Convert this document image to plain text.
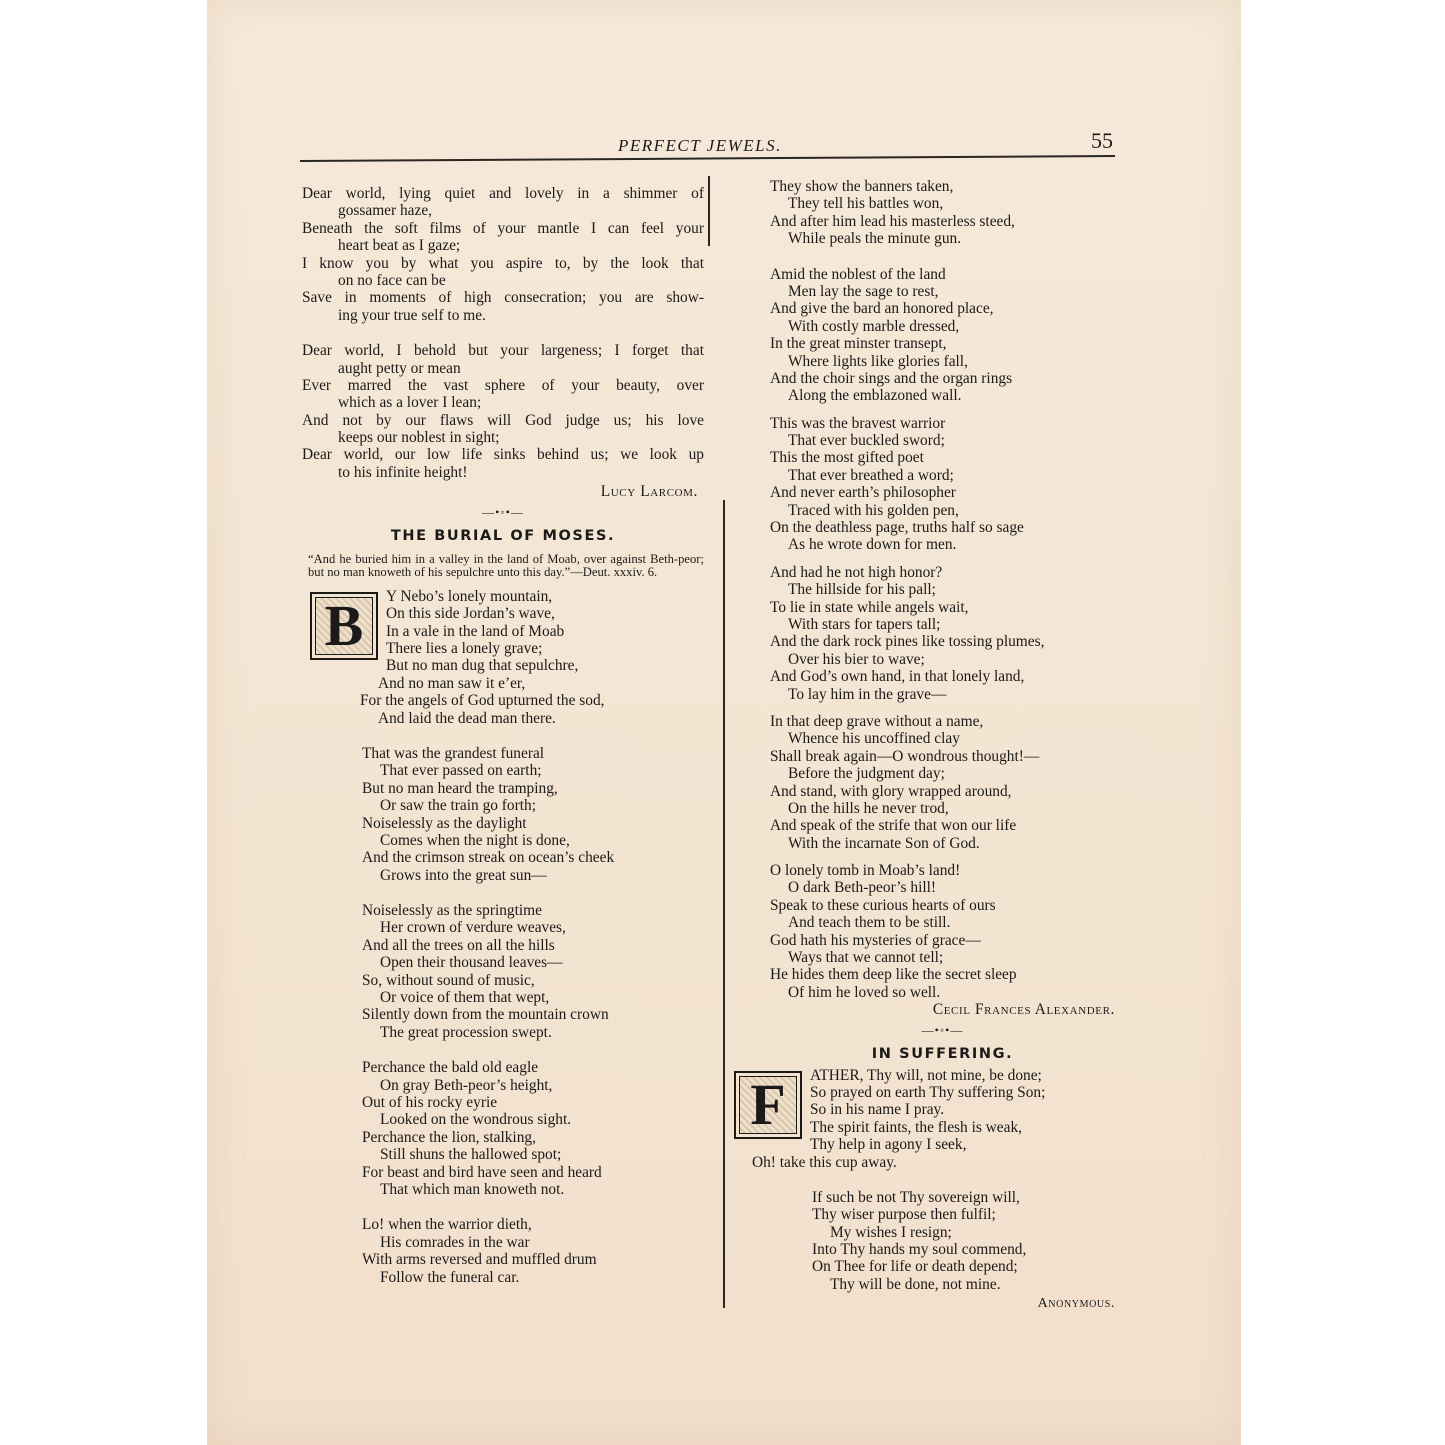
PERFECT JEWELS.	55
Dear world, lying quiet and lovely in a shimmer of
gossamer haze,
Beneath the soft films of your mantle I can feel your
heart beat as I gaze;
I know you by what you aspire to, by the look that
on no face can be
Save in moments of high consecration; you are show-
ing your true self to me.
Dear world, I behold but your largeness; I forget that
aught petty or mean
Ever marred the vast sphere of your beauty, over
which as a lover I lean;
And not by our flaws will God judge us; his love
keeps our noblest in sight;
Dear world, our low life sinks behind us; we look up
to his infinite height!
Lucy Larcom.
—•◦•—
THE BURIAL OF MOSES.
“And he buried him in a valley in the land of Moab, over against Beth-peor; but no man knoweth of his sepulchre unto this day.”—Deut. xxxiv. 6.
B	Y Nebo’s lonely mountain,
On this side Jordan’s wave,
In a vale in the land of Moab
There lies a lonely grave;
But no man dug that sepulchre,
And no man saw it e’er,
For the angels of God upturned the sod,
And laid the dead man there.
That was the grandest funeral
That ever passed on earth;
But no man heard the tramping,
Or saw the train go forth;
Noiselessly as the daylight
Comes when the night is done,
And the crimson streak on ocean’s cheek
Grows into the great sun—
Noiselessly as the springtime
Her crown of verdure weaves,
And all the trees on all the hills
Open their thousand leaves—
So, without sound of music,
Or voice of them that wept,
Silently down from the mountain crown
The great procession swept.
Perchance the bald old eagle
On gray Beth-peor’s height,
Out of his rocky eyrie
Looked on the wondrous sight.
Perchance the lion, stalking,
Still shuns the hallowed spot;
For beast and bird have seen and heard
That which man knoweth not.
Lo! when the warrior dieth,
His comrades in the war
With arms reversed and muffled drum
Follow the funeral car.
They show the banners taken,
They tell his battles won,
And after him lead his masterless steed,
While peals the minute gun.
Amid the noblest of the land
Men lay the sage to rest,
And give the bard an honored place,
With costly marble dressed,
In the great minster transept,
Where lights like glories fall,
And the choir sings and the organ rings
Along the emblazoned wall.
This was the bravest warrior
That ever buckled sword;
This the most gifted poet
That ever breathed a word;
And never earth’s philosopher
Traced with his golden pen,
On the deathless page, truths half so sage
As he wrote down for men.
And had he not high honor?
The hillside for his pall;
To lie in state while angels wait,
With stars for tapers tall;
And the dark rock pines like tossing plumes,
Over his bier to wave;
And God’s own hand, in that lonely land,
To lay him in the grave—
In that deep grave without a name,
Whence his uncoffined clay
Shall break again—O wondrous thought!—
Before the judgment day;
And stand, with glory wrapped around,
On the hills he never trod,
And speak of the strife that won our life
With the incarnate Son of God.
O lonely tomb in Moab’s land!
O dark Beth-peor’s hill!
Speak to these curious hearts of ours
And teach them to be still.
God hath his mysteries of grace—
Ways that we cannot tell;
He hides them deep like the secret sleep
Of him he loved so well.
Cecil Frances Alexander.
—•◦•—
IN SUFFERING.
F	ATHER, Thy will, not mine, be done;
So prayed on earth Thy suffering Son;
So in his name I pray.
The spirit faints, the flesh is weak,
Thy help in agony I seek,
Oh! take this cup away.
If such be not Thy sovereign will,
Thy wiser purpose then fulfil;
My wishes I resign;
Into Thy hands my soul commend,
On Thee for life or death depend;
Thy will be done, not mine.
Anonymous.
